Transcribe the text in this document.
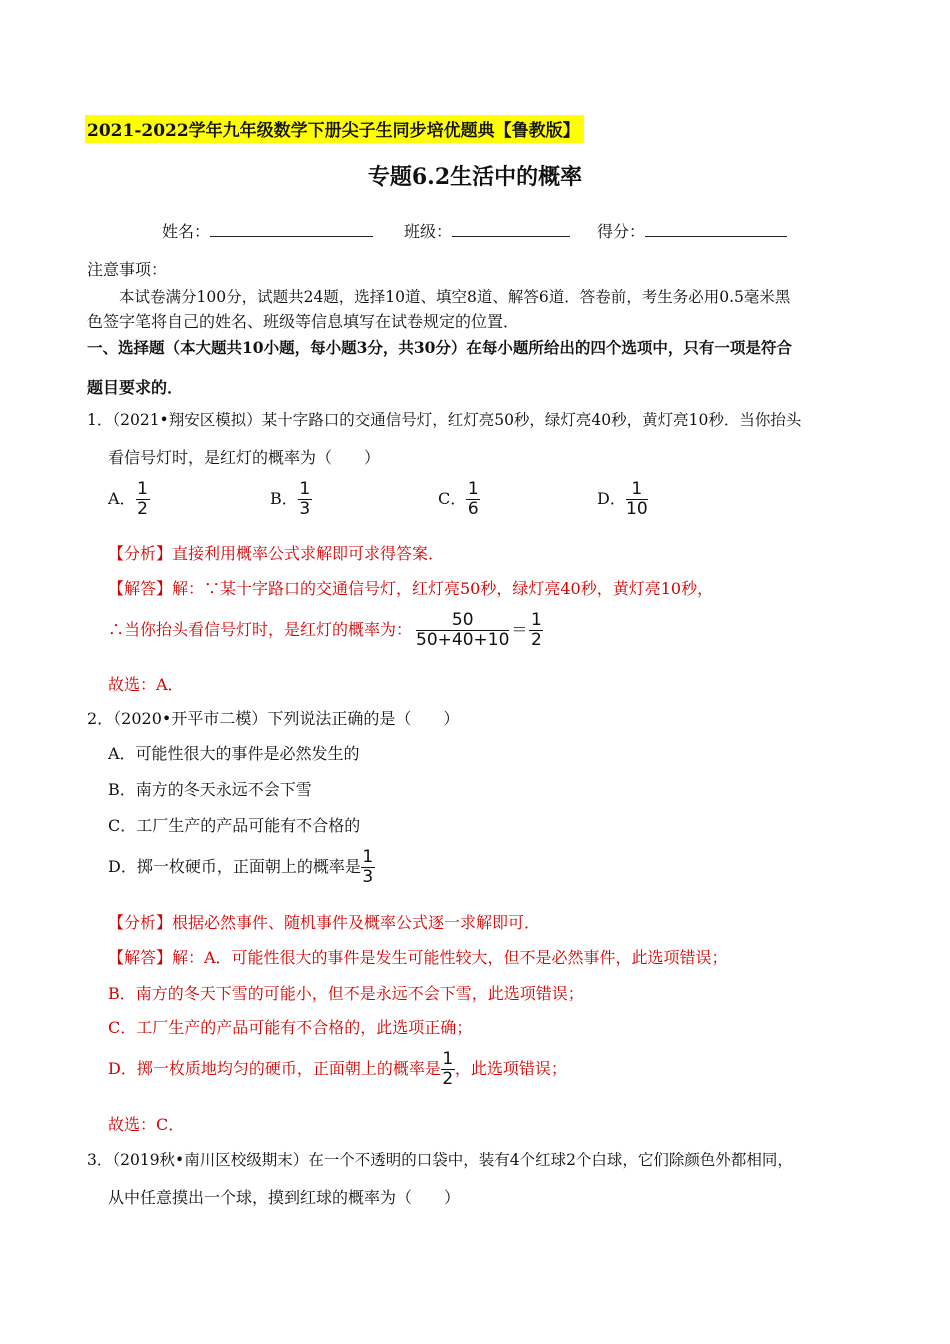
2021-2022学年九年级数学下册尖子生同步培优题典【鲁教版】
专题6.2生活中的概率
姓名：	班级：	得分：
注意事项：
本试卷满分100分，试题共24题，选择10道、填空8道、解答6道．答卷前，考生务必用0.5毫米黑
色签字笔将自己的姓名、班级等信息填写在试卷规定的位置．
一、选择题（本大题共10小题，每小题3分，共30分）在每小题所给出的四个选项中，只有一项是符合
题目要求的．
1．（2021•翔安区模拟）某十字路口的交通信号灯，红灯亮50秒，绿灯亮40秒，黄灯亮10秒．当你抬头
看信号灯时，是红灯的概率为（　　）
A． $\frac{1}{2}$	B． $\frac{1}{3}$	C． $\frac{1}{6}$	D． $\frac{1}{10}$
【分析】直接利用概率公式求解即可求得答案．
【解答】解：∵某十字路口的交通信号灯，红灯亮50秒，绿灯亮40秒，黄灯亮10秒，
∴当你抬头看信号灯时，是红灯的概率为： $\frac{50}{50+40+10} = \frac{1}{2}$
故选：A．
2．（2020•开平市二模）下列说法正确的是（　　）
A．可能性很大的事件是必然发生的
B．南方的冬天永远不会下雪
C．工厂生产的产品可能有不合格的
D．掷一枚硬币，正面朝上的概率是 $\frac{1}{3}$
【分析】根据必然事件、随机事件及概率公式逐一求解即可．
【解答】解：A．可能性很大的事件是发生可能性较大，但不是必然事件，此选项错误；
B．南方的冬天下雪的可能小，但不是永远不会下雪，此选项错误；
C．工厂生产的产品可能有不合格的，此选项正确；
D．掷一枚质地均匀的硬币，正面朝上的概率是 $\frac{1}{2}$ ，此选项错误；
故选：C．
3．（2019秋•南川区校级期末）在一个不透明的口袋中，装有4个红球2个白球，它们除颜色外都相同，
从中任意摸出一个球，摸到红球的概率为（　　）
